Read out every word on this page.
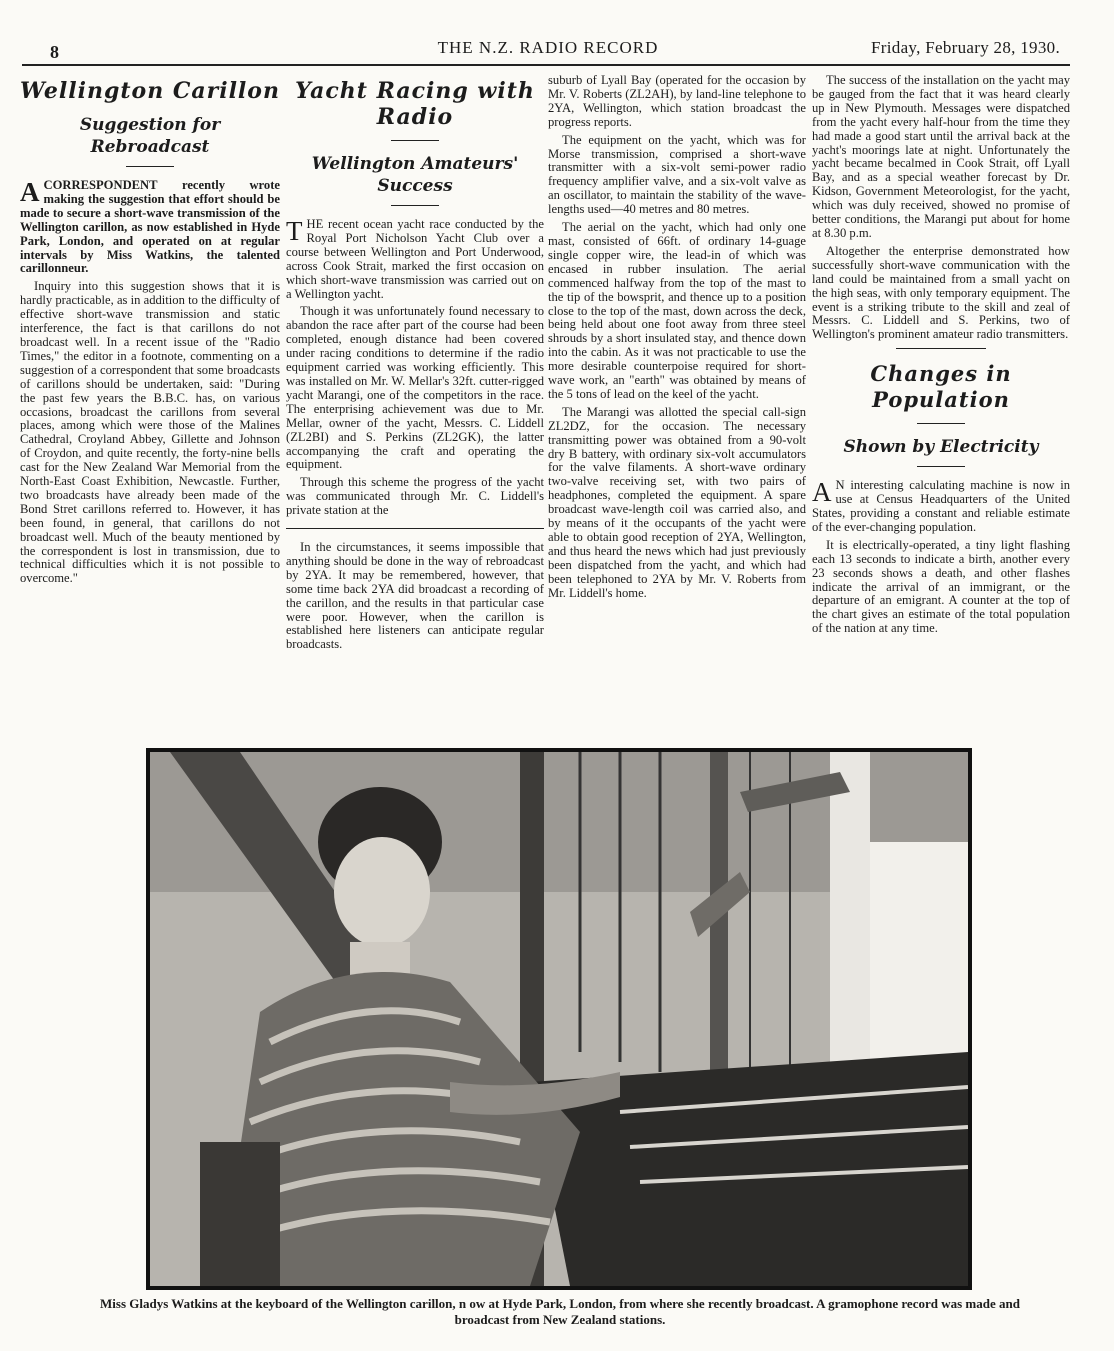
8	THE N.Z. RADIO RECORD	Friday, February 28, 1930.
Wellington Carillon
Suggestion for Rebroadcast

A CORRESPONDENT recently wrote making the suggestion that effort should be made to secure a short-wave transmission of the Wellington carillon, as now established in Hyde Park, London, and operated on at regular intervals by Miss Watkins, the talented carillonneur.

Inquiry into this suggestion shows that it is hardly practicable, as in addition to the difficulty of effective short-wave transmission and static interference, the fact is that carillons do not broadcast well. In a recent issue of the "Radio Times," the editor in a footnote, commenting on a suggestion of a correspondent that some broadcasts of carillons should be undertaken, said: "During the past few years the B.B.C. has, on various occasions, broadcast the carillons from several places, among which were those of the Malines Cathedral, Croyland Abbey, Gillette and Johnson of Croydon, and quite recently, the forty-nine bells cast for the New Zealand War Memorial from the North-East Coast Exhibition, Newcastle. Further, two broadcasts have already been made of the Bond Stret carillons referred to. However, it has been found, in general, that carillons do not broadcast well. Much of the beauty mentioned by the correspondent is lost in transmission, due to technical difficulties which it is not possible to overcome."

Yacht Racing with Radio
Wellington Amateurs' Success

T HE recent ocean yacht race conducted by the Royal Port Nicholson Yacht Club over a course between Wellington and Port Underwood, across Cook Strait, marked the first occasion on which short-wave transmission was carried out on a Wellington yacht.

Though it was unfortunately found necessary to abandon the race after part of the course had been completed, enough distance had been covered under racing conditions to determine if the radio equipment carried was working efficiently. This was installed on Mr. W. Mellar's 32ft. cutter-rigged yacht Marangi, one of the competitors in the race. The enterprising achievement was due to Mr. Mellar, owner of the yacht, Messrs. C. Liddell (ZL2BI) and S. Perkins (ZL2GK), the latter accompanying the craft and operating the equipment.

Through this scheme the progress of the yacht was communicated through Mr. C. Liddell's private station at the

In the circumstances, it seems impossible that anything should be done in the way of rebroadcast by 2YA. It may be remembered, however, that some time back 2YA did broadcast a recording of the carillon, and the results in that particular case were poor. However, when the carillon is established here listeners can anticipate regular broadcasts.

suburb of Lyall Bay (operated for the occasion by Mr. V. Roberts (ZL2AH), by land-line telephone to 2YA, Wellington, which station broadcast the progress reports.

The equipment on the yacht, which was for Morse transmission, comprised a short-wave transmitter with a six-volt semi-power radio frequency amplifier valve, and a six-volt valve as an oscillator, to maintain the stability of the wave-lengths used—40 metres and 80 metres.

The aerial on the yacht, which had only one mast, consisted of 66ft. of ordinary 14-guage single copper wire, the lead-in of which was encased in rubber insulation. The aerial commenced halfway from the top of the mast to the tip of the bowsprit, and thence up to a position close to the top of the mast, down across the deck, being held about one foot away from three steel shrouds by a short insulated stay, and thence down into the cabin. As it was not practicable to use the more desirable counterpoise required for short-wave work, an "earth" was obtained by means of the 5 tons of lead on the keel of the yacht.

The Marangi was allotted the special call-sign ZL2DZ, for the occasion. The necessary transmitting power was obtained from a 90-volt dry B battery, with ordinary six-volt accumulators for the valve filaments. A short-wave ordinary two-valve receiving set, with two pairs of headphones, completed the equipment. A spare broadcast wave-length coil was carried also, and by means of it the occupants of the yacht were able to obtain good reception of 2YA, Wellington, and thus heard the news which had just previously been dispatched from the yacht, and which had been telephoned to 2YA by Mr. V. Roberts from Mr. Liddell's home.

The success of the installation on the yacht may be gauged from the fact that it was heard clearly up in New Plymouth. Messages were dispatched from the yacht every half-hour from the time they had made a good start until the arrival back at the yacht's moorings late at night. Unfortunately the yacht became becalmed in Cook Strait, off Lyall Bay, and as a special weather forecast by Dr. Kidson, Government Meteorologist, for the yacht, which was duly received, showed no promise of better conditions, the Marangi put about for home at 8.30 p.m.

Altogether the enterprise demonstrated how successfully short-wave communication with the land could be maintained from a small yacht on the high seas, with only temporary equipment. The event is a striking tribute to the skill and zeal of Messrs. C. Liddell and S. Perkins, two of Wellington's prominent amateur radio transmitters.

Changes in Population
Shown by Electricity

A N interesting calculating machine is now in use at Census Headquarters of the United States, providing a constant and reliable estimate of the ever-changing population.

It is electrically-operated, a tiny light flashing each 13 seconds to indicate a birth, another every 23 seconds shows a death, and other flashes indicate the arrival of an immigrant, or the departure of an emigrant. A counter at the top of the chart gives an estimate of the total population of the nation at any time.

Miss Gladys Watkins at the keyboard of the Wellington carillon, n ow at Hyde Park, London, from where she recently broadcast. A gramophone record was made and broadcast from New Zealand stations.
